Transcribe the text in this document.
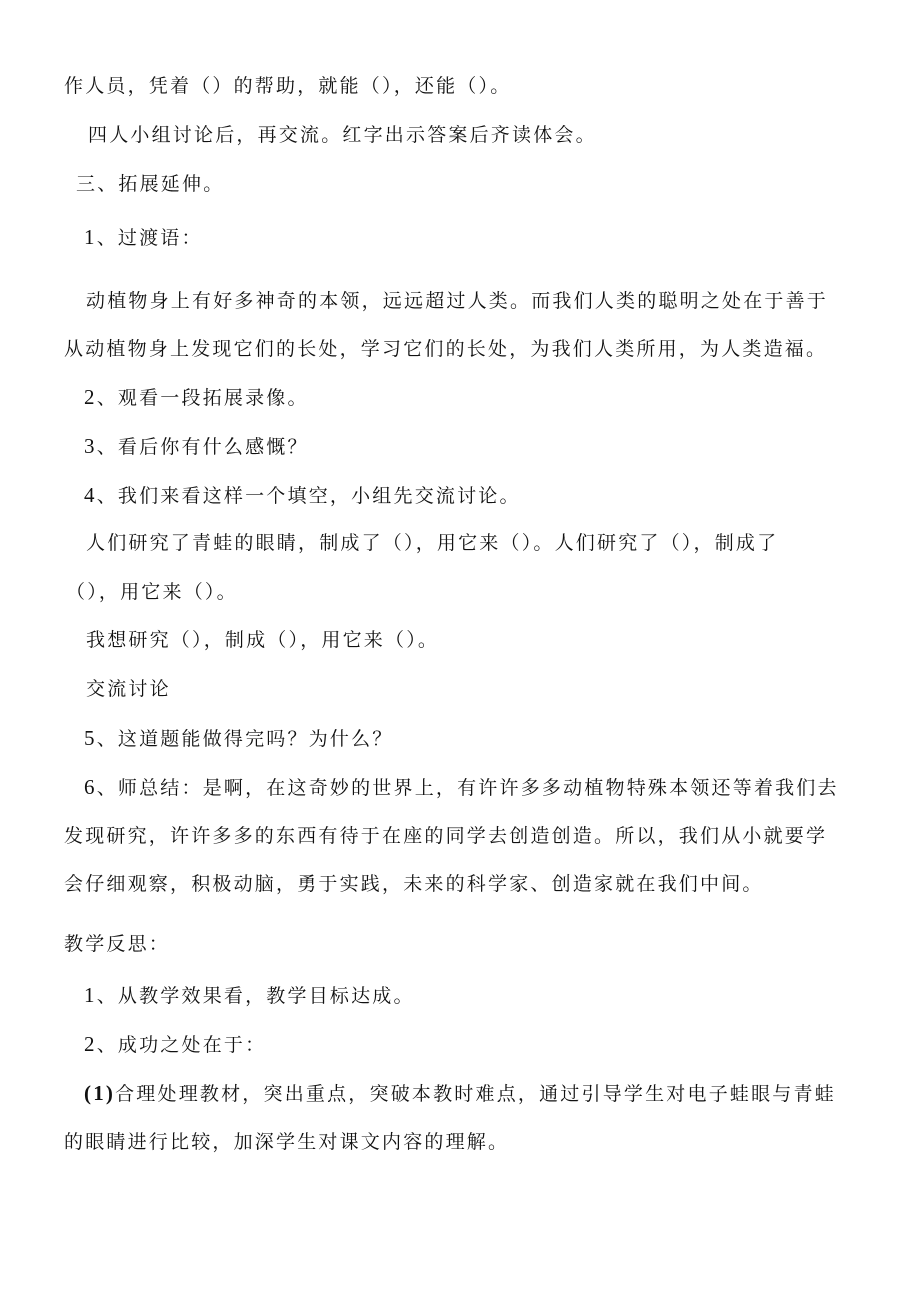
作人员，凭着（）的帮助，就能（），还能（）。
四人小组讨论后，再交流。红字出示答案后齐读体会。
三、拓展延伸。
1、过渡语：
动植物身上有好多神奇的本领，远远超过人类。而我们人类的聪明之处在于善于
从动植物身上发现它们的长处，学习它们的长处，为我们人类所用，为人类造福。
2、观看一段拓展录像。
3、看后你有什么感慨？
4、我们来看这样一个填空，小组先交流讨论。
人们研究了青蛙的眼睛，制成了（），用它来（）。人们研究了（），制成了
（），用它来（）。
我想研究（），制成（），用它来（）。
交流讨论
5、这道题能做得完吗？为什么？
6、师总结：是啊，在这奇妙的世界上，有许许多多动植物特殊本领还等着我们去
发现研究，许许多多的东西有待于在座的同学去创造创造。所以，我们从小就要学
会仔细观察，积极动脑，勇于实践，未来的科学家、创造家就在我们中间。
教学反思：
1、从教学效果看，教学目标达成。
2、成功之处在于：
(1)合理处理教材，突出重点，突破本教时难点，通过引导学生对电子蛙眼与青蛙
的眼睛进行比较，加深学生对课文内容的理解。
